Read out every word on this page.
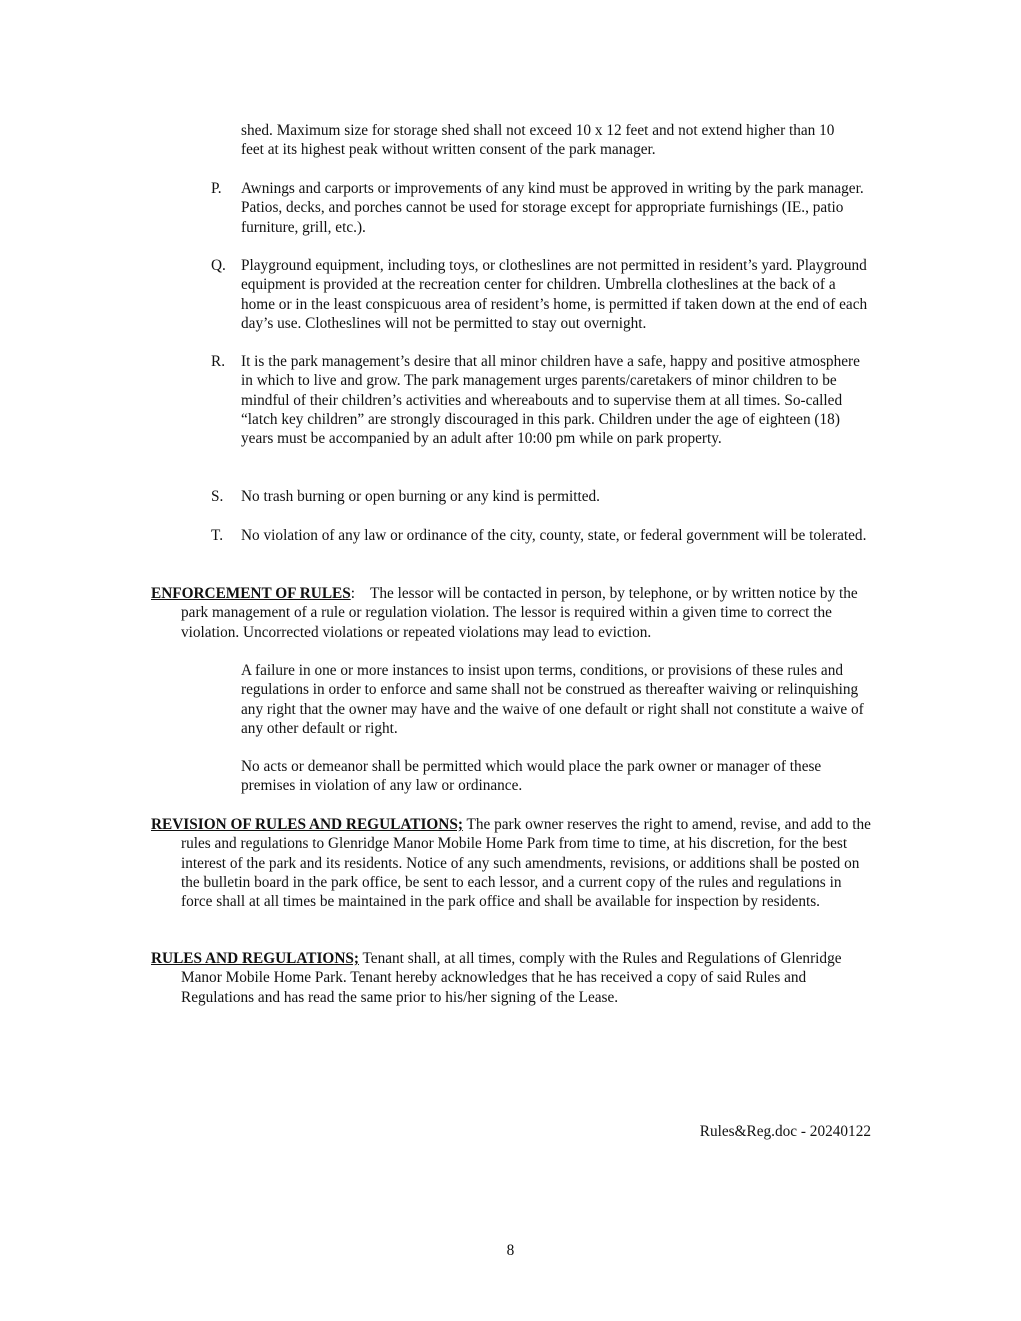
shed. Maximum size for storage shed shall not exceed 10 x 12 feet and not extend higher than 10 feet at its highest peak without written consent of the park manager.

P. Awnings and carports or improvements of any kind must be approved in writing by the park manager. Patios, decks, and porches cannot be used for storage except for appropriate furnishings (IE., patio furniture, grill, etc.).

Q. Playground equipment, including toys, or clotheslines are not permitted in resident’s yard. Playground equipment is provided at the recreation center for children. Umbrella clotheslines at the back of a home or in the least conspicuous area of resident’s home, is permitted if taken down at the end of each day’s use. Clotheslines will not be permitted to stay out overnight.

R. It is the park management’s desire that all minor children have a safe, happy and positive atmosphere in which to live and grow. The park management urges parents/caretakers of minor children to be mindful of their children’s activities and whereabouts and to supervise them at all times. So-called “latch key children” are strongly discouraged in this park. Children under the age of eighteen (18) years must be accompanied by an adult after 10:00 pm while on park property.

S. No trash burning or open burning or any kind is permitted.

T. No violation of any law or ordinance of the city, county, state, or federal government will be tolerated.

ENFORCEMENT OF RULES: The lessor will be contacted in person, by telephone, or by written notice by the park management of a rule or regulation violation. The lessor is required within a given time to correct the violation. Uncorrected violations or repeated violations may lead to eviction.

A failure in one or more instances to insist upon terms, conditions, or provisions of these rules and regulations in order to enforce and same shall not be construed as thereafter waiving or relinquishing any right that the owner may have and the waive of one default or right shall not constitute a waive of any other default or right.

No acts or demeanor shall be permitted which would place the park owner or manager of these premises in violation of any law or ordinance.

REVISION OF RULES AND REGULATIONS; The park owner reserves the right to amend, revise, and add to the rules and regulations to Glenridge Manor Mobile Home Park from time to time, at his discretion, for the best interest of the park and its residents. Notice of any such amendments, revisions, or additions shall be posted on the bulletin board in the park office, be sent to each lessor, and a current copy of the rules and regulations in force shall at all times be maintained in the park office and shall be available for inspection by residents.

RULES AND REGULATIONS; Tenant shall, at all times, comply with the Rules and Regulations of Glenridge Manor Mobile Home Park. Tenant hereby acknowledges that he has received a copy of said Rules and Regulations and has read the same prior to his/her signing of the Lease.

Rules&Reg.doc - 20240122
8
